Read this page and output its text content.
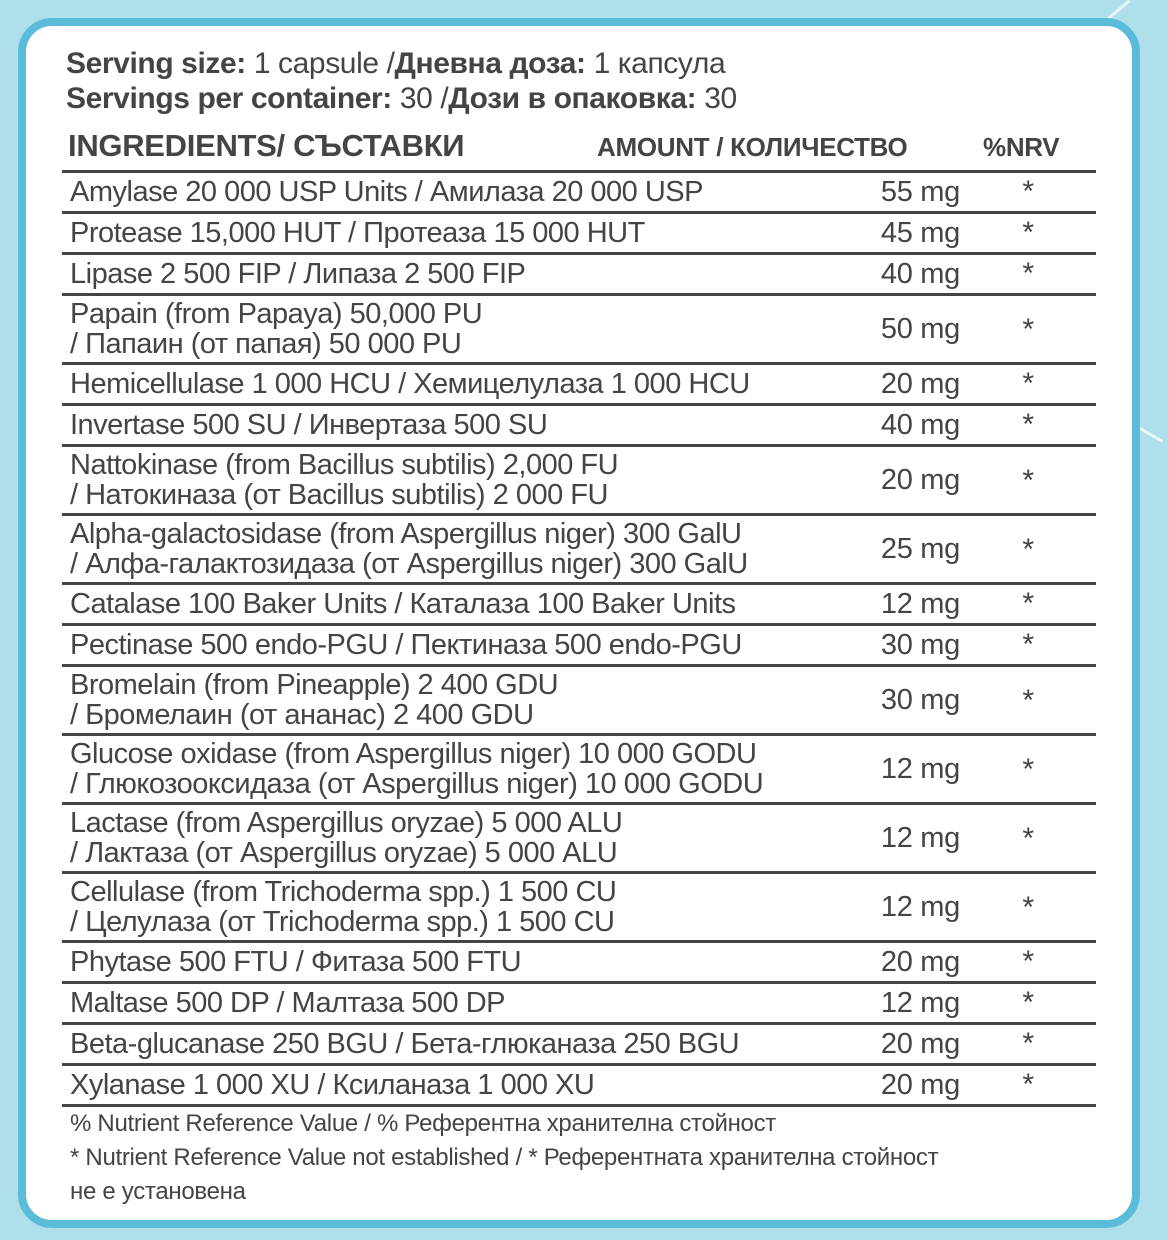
Serving size: 1 capsule /Дневна доза: 1 капсула
Servings per container: 30 /Дози в опаковка: 30
INGREDIENTS/ СЪСТАВКИ	AMOUNT / КОЛИЧЕСТВО	%NRV
Amylase 20 000 USP Units / Амилаза 20 000 USP	55 mg	*
Protease 15,000 HUT / Протеаза 15 000 HUT	45 mg	*
Lipase 2 500 FIP / Липаза 2 500 FIP	40 mg	*
Papain (from Papaya) 50,000 PU
/ Папаин (от папая) 50 000 PU	50 mg	*
Hemicellulase 1 000 HCU / Хемицелулаза 1 000 HCU	20 mg	*
Invertase 500 SU / Инвертаза 500 SU	40 mg	*
Nattokinase (from Bacillus subtilis) 2,000 FU
/ Натокиназа (от Bacillus subtilis) 2 000 FU	20 mg	*
Alpha-galactosidase (from Aspergillus niger) 300 GalU
/ Алфа-галактозидаза (от Aspergillus niger) 300 GalU	25 mg	*
Catalase 100 Baker Units / Каталаза 100 Baker Units	12 mg	*
Pectinase 500 endo-PGU / Пектиназа 500 endo-PGU	30 mg	*
Bromelain (from Pineapple) 2 400 GDU
/ Бромелаин (от ананас) 2 400 GDU	30 mg	*
Glucose oxidase (from Aspergillus niger) 10 000 GODU
/ Глюкозооксидаза (от Aspergillus niger) 10 000 GODU	12 mg	*
Lactase (from Aspergillus oryzae) 5 000 ALU
/ Лактаза (от Aspergillus oryzae) 5 000 ALU	12 mg	*
Cellulase (from Trichoderma spp.) 1 500 CU
/ Целулаза (от Trichoderma spp.) 1 500 CU	12 mg	*
Phytase 500 FTU / Фитаза 500 FTU	20 mg	*
Maltase 500 DP / Малтаза 500 DP	12 mg	*
Beta-glucanase 250 BGU / Бета-глюканаза 250 BGU	20 mg	*
Xylanase 1 000 XU / Ксиланаза 1 000 XU	20 mg	*
% Nutrient Reference Value / % Референтна хранителна стойност
* Nutrient Reference Value not established / * Референтната хранителна стойност
не е установена
